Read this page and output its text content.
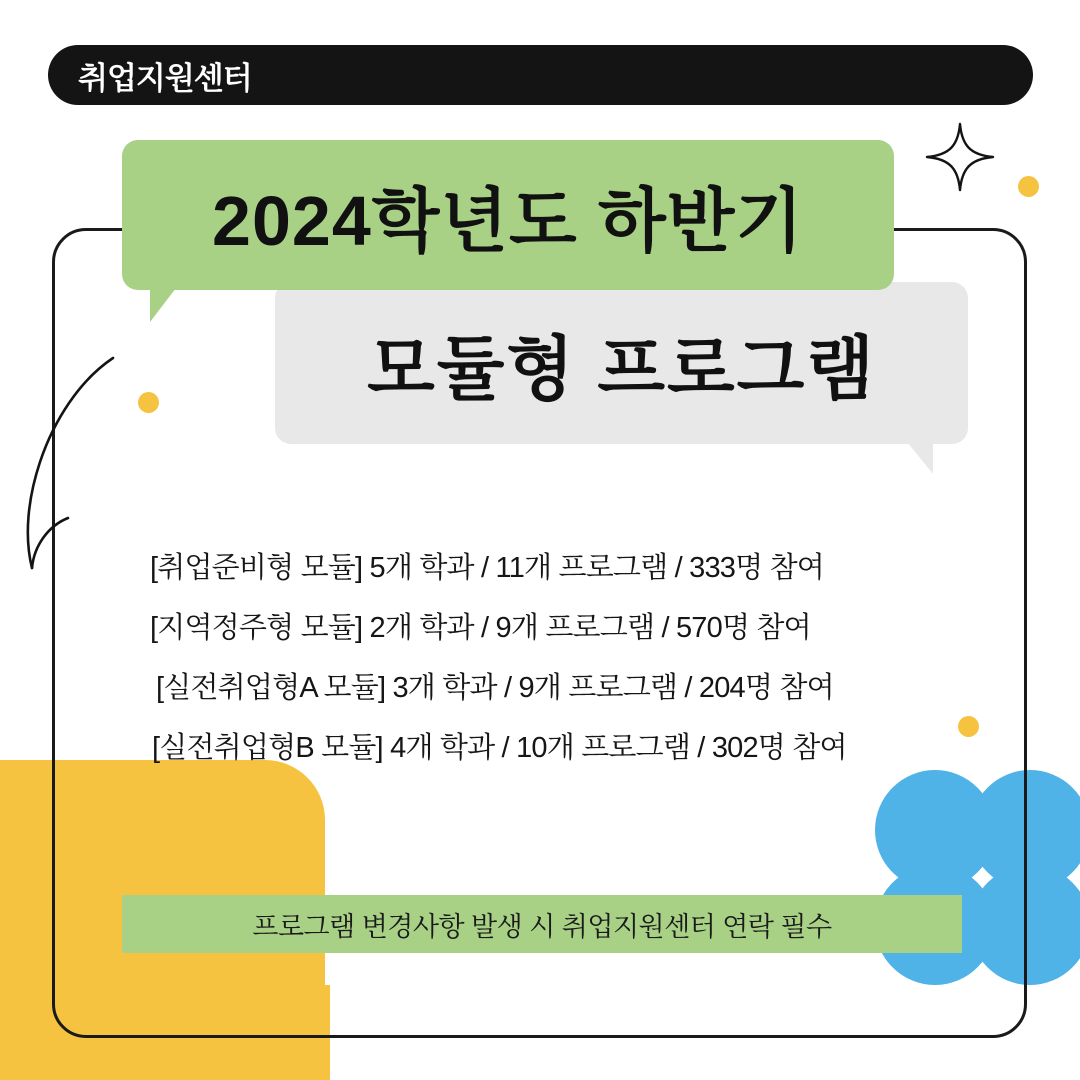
취업지원센터
2024학년도 하반기
모듈형 프로그램
[취업준비형 모듈] 5개 학과 / 11개 프로그램 / 333명 참여
[지역정주형 모듈] 2개 학과 / 9개 프로그램 / 570명 참여
[실전취업형A 모듈] 3개 학과 / 9개 프로그램 / 204명 참여
[실전취업형B 모듈] 4개 학과 / 10개 프로그램 / 302명 참여
프로그램 변경사항 발생 시 취업지원센터 연락 필수
